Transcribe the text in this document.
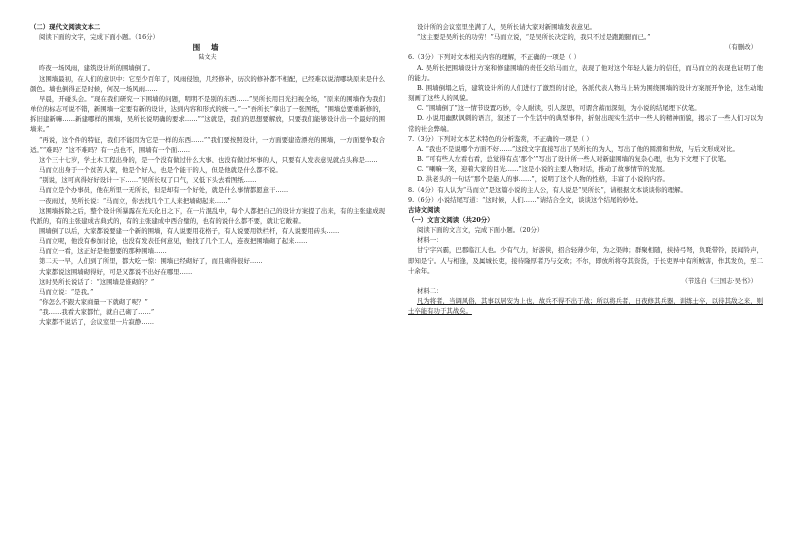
（二）现代文阅读文本二

阅读下面的文字，完成下面小题。（16分）

围 墙

陆文夫

昨夜一场风雨，建筑设计所的围墙倒了。

这围墙最初，在人们的意识中：它至少百年了，风雨侵蚀，几经修补，历次的修补都不相配，已经难以说清哪块原来是什么颜色。墙也倒得正是时候，何况一场风雨……

早晨，开碰头会。“现在我们研究一下围墙的问题，明明不是别的东西……”吴所长用目光扫视全场，“原来的围墙作为我们单位的标志可说不错，新围墙一定要有新的设计，达到内容和形式的统一。”一“吾所长”拿出了一张图纸，“围墙总要重新修的，拆旧建新嘛……新建哪样的围墙，吴所长说明确的要求……”“这就是，我们的思想要解放，只要我们能够设计出一个最好的围墙来。”

“再说，这个件的特征，我们不能因为它是一样的东西……”“我们要按照设计，一方面要建造漂亮的围墙，一方面要争取合适。”“难吗？”这不难吗？有一点也不，围墙有一个面……

这个三十七岁，学土木工程出身的，是一个没有做过什么大事、也没有做过坏事的人，只要有人发表意见就点头称是……

马而立出身于一个贫苦人家，他是个好人，也是个能干的人，但是他就是什么都不说。

“别说，这可真得好好设计一下……”吴所长叹了口气，又低下头去看图纸……

马而立是个办事员，他在所里一无所长，但是却有一个好处，就是什么事情都愿意干……

一夜雨过，吴所长说：“马而立，你去找几个工人来把墙砌起来……”

这围墙拆除之后，整个设计所暴露在光天化日之下，在一片混乱中，每个人都把自己的设计方案提了出来，有的主张建成现代派的，有的主张建成古典式的，有的主张建成中西合璧的，也有的说什么都不要，就让它敞着。

围墙倒了以后，大家都说要建一个新的围墙，有人说要用花格子，有人说要用铁栏杆，有人说要用砖头……

马而立呢，他没有参加讨论，也没有发表任何意见，他找了几个工人，连夜把围墙砌了起来……

马而立一看，这正好是他想要的那种围墙……

第二天一早，人们到了所里，都大吃一惊：围墙已经砌好了，而且砌得很好……

大家都说这围墙砌得好，可是又都说不出好在哪里……

这时吴所长说话了：“这围墙是谁砌的？”

马而立说：“是我。”

“你怎么不跟大家商量一下就砌了呢？”

“我……我看大家都忙，就自己砌了……”

大家都不说话了，会议室里一片寂静……

设计所的会议室里坐满了人，吴所长请大家对新围墙发表意见。

“这主要是吴所长的功劳！”马而立说，“是吴所长决定的，我只不过是跑跑腿而已。”

（有删改）

6.（3分）下列对文本相关内容的理解，不正确的一项是（ ）

A. 吴所长把围墙设计方案和修建围墙的责任交给马而立，表现了他对这个年轻人能力的信任，而马而立的表现也证明了他的能力。

B. 围墙倒塌之后，建筑设计所的人们进行了激烈的讨论，各派代表人物马上转为围绕围墙的设计方案展开争论，这生动地刻画了这些人的风貌。

C. “围墙倒了”这一情节设置巧妙，令人耐读，引人深思，可谓含蓄而深刻，为小说的结尾埋下伏笔。

D. 小说用幽默讽刺的语言，叙述了一个生活中的典型事件，折射出现实生活中一些人的精神面貌，揭示了一些人们习以为常的社会弊端。

7.（3分）下列对文本艺术特色的分析鉴赏，不正确的一项是（ ）

A. “我也不是说哪个方面不好……”这段文字直接写出了吴所长的为人，写出了他的圆滑和世故，与后文形成对比。

B. “可有些人左看右看，总觉得有点‘那个’”写出了设计所一些人对新建围墙的复杂心理，也为下文埋下了伏笔。

C. “喇嘛一笑，迎着大家的目光……”这是小说的主要人物对话，推动了故事情节的发展。

D. 洪老头的一句话“那个是能人的事……”，说明了这个人物的性格，丰富了小说的内容。

8.（4分）有人认为“马而立”是这篇小说的主人公，有人说是“吴所长”，请根据文本谈谈你的理解。

9.（6分）小说结尾写道：“这时候，人们……”请结合全文，谈谈这个结尾的妙处。

古诗文阅读

（一）文言文阅读（共20分）

阅读下面的文言文，完成下面小题。（20分）

材料一：

甘宁字兴霸，巴郡临江人也。少有气力，好游侠，招合轻薄少年，为之渠帅；群聚相随，挟持弓弩，负毦带铃，民闻铃声，即知是宁。人与相逢，及属城长吏，接待隆厚者乃与交欢；不尔，即放所将夺其资货，于长吏界中有所贼害，作其发负，至二十余年。

（节选自《三国志·吴书》）

材料二：

凡为将者，当调风俗，其事以居安为上也，故兵不得不出于战；所以将兵者，日夜修其兵器，训练士卒，以待其敌之来，则士卒能有功于其战矣。
